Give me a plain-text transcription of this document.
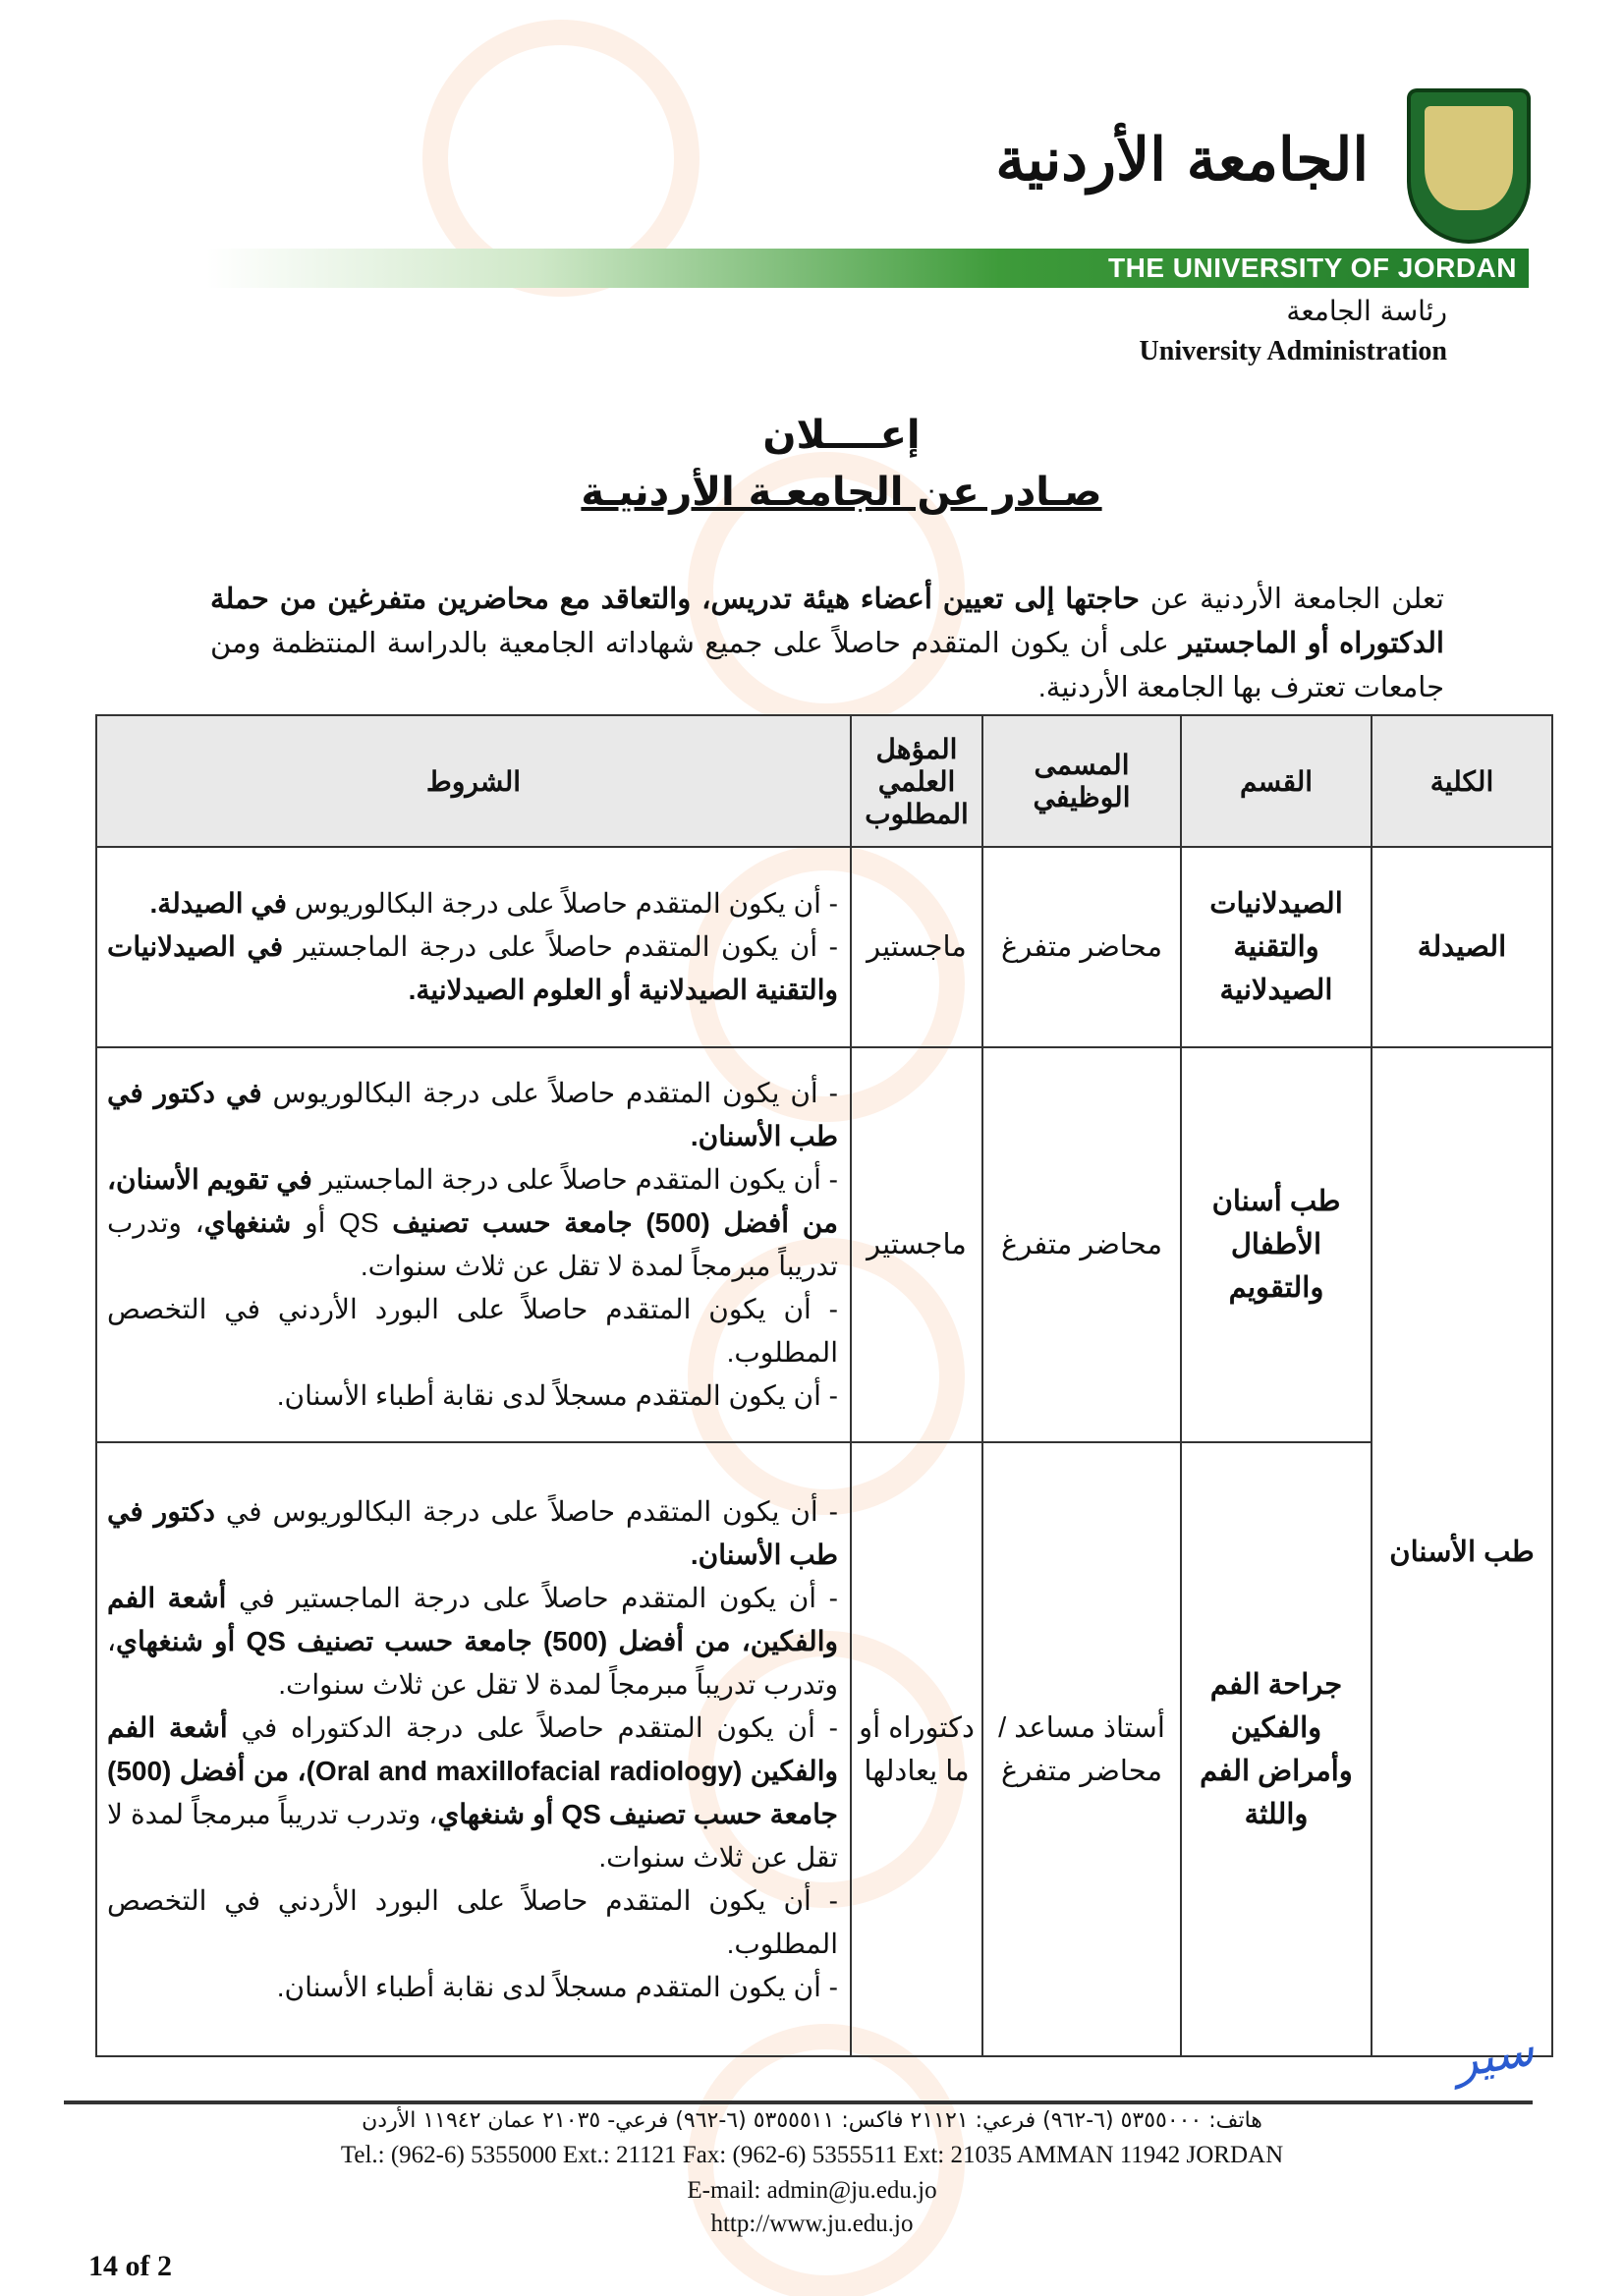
الجامعة الأردنية
THE UNIVERSITY OF JORDAN
رئاسة الجامعة
University Administration
إعــــلان
صـادر عن الجامعـة الأردنيـة
تعلن الجامعة الأردنية عن حاجتها إلى تعيين أعضاء هيئة تدريس، والتعاقد مع محاضرين متفرغين من حملة الدكتوراه أو الماجستير على أن يكون المتقدم حاصلاً على جميع شهاداته الجامعية بالدراسة المنتظمة ومن جامعات تعترف بها الجامعة الأردنية.
الكلية	القسم	المسمى الوظيفي	المؤهل العلمي المطلوب	الشروط
الصيدلة	الصيدلانيات والتقنية الصيدلانية	محاضر متفرغ	ماجستير	- أن يكون المتقدم حاصلاً على درجة البكالوريوس في الصيدلة.

- أن يكون المتقدم حاصلاً على درجة الماجستير في الصيدلانيات والتقنية الصيدلانية أو العلوم الصيدلانية.

طب الأسنان	طب أسنان الأطفال والتقويم	محاضر متفرغ	ماجستير	- أن يكون المتقدم حاصلاً على درجة البكالوريوس في دكتور في طب الأسنان.

- أن يكون المتقدم حاصلاً على درجة الماجستير في تقويم الأسنان، من أفضل (500) جامعة حسب تصنيف QS أو شنغهاي، وتدرب تدريباً مبرمجاً لمدة لا تقل عن ثلاث سنوات.

- أن يكون المتقدم حاصلاً على البورد الأردني في التخصص المطلوب.

- أن يكون المتقدم مسجلاً لدى نقابة أطباء الأسنان.

	جراحة الفم والفكين وأمراض الفم واللثة	أستاذ مساعد / محاضر متفرغ	دكتوراه أو ما يعادلها	- أن يكون المتقدم حاصلاً على درجة البكالوريوس في دكتور في طب الأسنان.

- أن يكون المتقدم حاصلاً على درجة الماجستير في أشعة الفم والفكين، من أفضل (500) جامعة حسب تصنيف QS أو شنغهاي، وتدرب تدريباً مبرمجاً لمدة لا تقل عن ثلاث سنوات.

- أن يكون المتقدم حاصلاً على درجة الدكتوراه في أشعة الفم والفكين (Oral and maxillofacial radiology)، من أفضل (500) جامعة حسب تصنيف QS أو شنغهاي، وتدرب تدريباً مبرمجاً لمدة لا تقل عن ثلاث سنوات.

- أن يكون المتقدم حاصلاً على البورد الأردني في التخصص المطلوب.

- أن يكون المتقدم مسجلاً لدى نقابة أطباء الأسنان.

ﺳﯿﺮ
هاتف: ٥٣٥٥٠٠٠ (٦-٩٦٢) فرعي: ٢١١٢١ فاكس: ٥٣٥٥٥١١ (٦-٩٦٢) فرعي- ٢١٠٣٥ عمان ١١٩٤٢ الأردن
Tel.: (962-6) 5355000 Ext.: 21121 Fax: (962-6) 5355511 Ext: 21035 AMMAN 11942 JORDAN
E-mail: admin@ju.edu.jo
http://www.ju.edu.jo
14 of 2
